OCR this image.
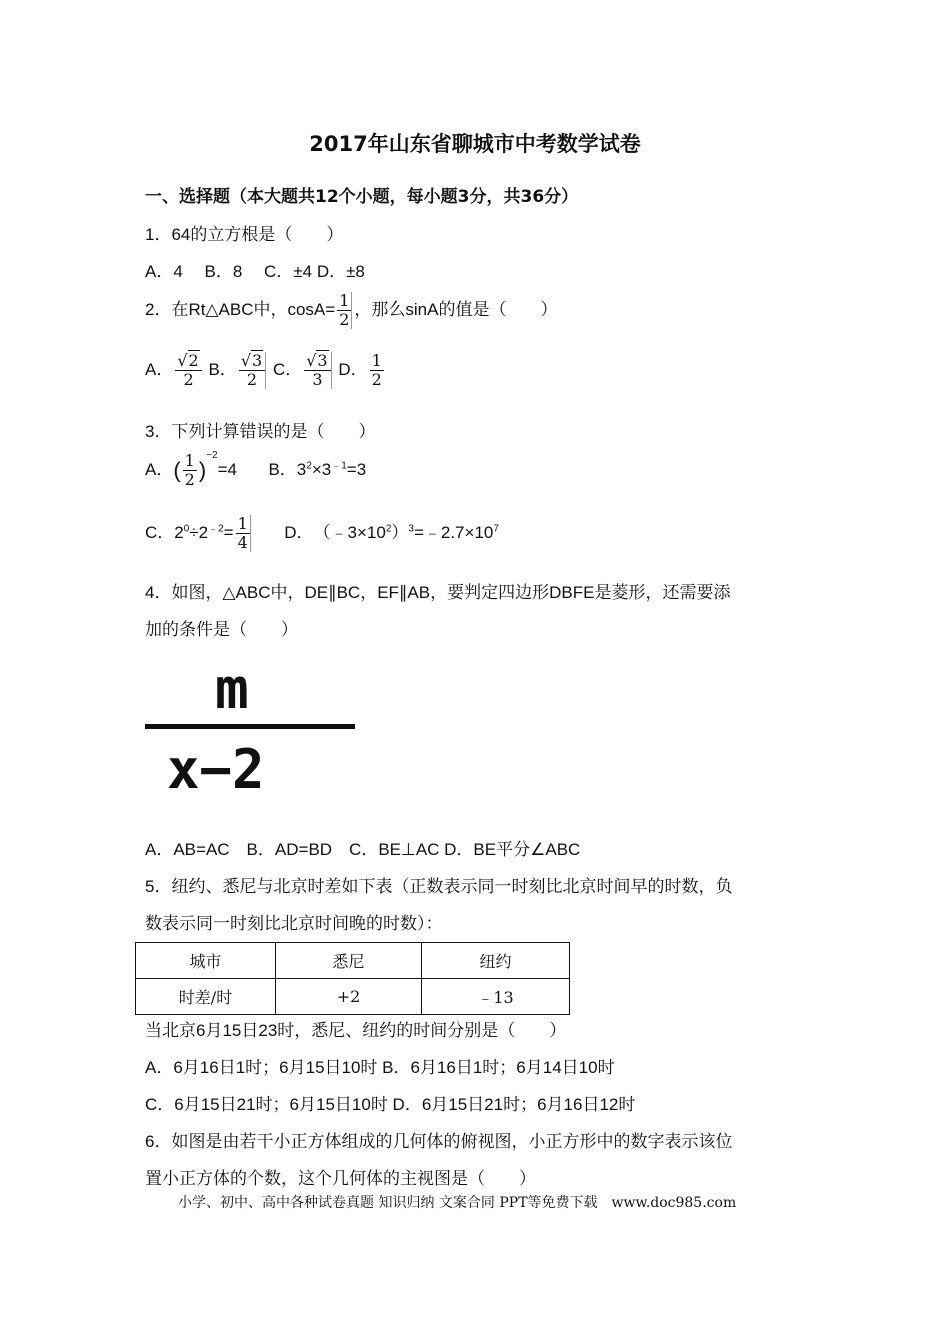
2017年山东省聊城市中考数学试卷
一、选择题（本大题共12个小题，每小题3分，共36分）
1．64的立方根是（　　）
A．4　 B．8　 C．±4 D．±8
2．在Rt△ABC中，$\cos A= \frac{1}{2}$ ，那么sinA的值是（　　）
A． $\frac{√2}{2}$ B． $\frac{√3}{2}$ C． $\frac{√3}{3}$ D． $\frac{1}{2}$
3．下列计算错误的是（　　）
A．( $\frac{1}{2} )^{-2}=4$ B．$3^2\times 3^{﹣1}=3$
C．$2^0\div 2^{﹣2}= \frac{1}{4}$ D．　$(﹣3\times 10^2)^3=﹣2.7\times 10^7$
4．如图，△ABC中，DE∥BC，EF∥AB，要判定四边形DBFE是菱形，还需要添
加的条件是（　　）
m
x−2
A．AB=AC　B．AD=BD　C．BE⊥AC D．BE平分∠ABC
5．纽约、悉尼与北京时差如下表（正数表示同一时刻比北京时间早的时数，负
数表示同一时刻比北京时间晚的时数）：
城市	悉尼	纽约
时差/时	+2	﹣13
当北京6月15日23时，悉尼、纽约的时间分别是（　　）
A．6月16日1时；6月15日10时 B．6月16日1时；6月14日10时
C．6月15日21时；6月15日10时 D．6月15日21时；6月16日12时
6．如图是由若干小正方体组成的几何体的俯视图，小正方形中的数字表示该位
置小正方体的个数，这个几何体的主视图是（　　）
小学、初中、高中各种试卷真题 知识归纳 文案合同 PPT等免费下载　www.doc985.com
